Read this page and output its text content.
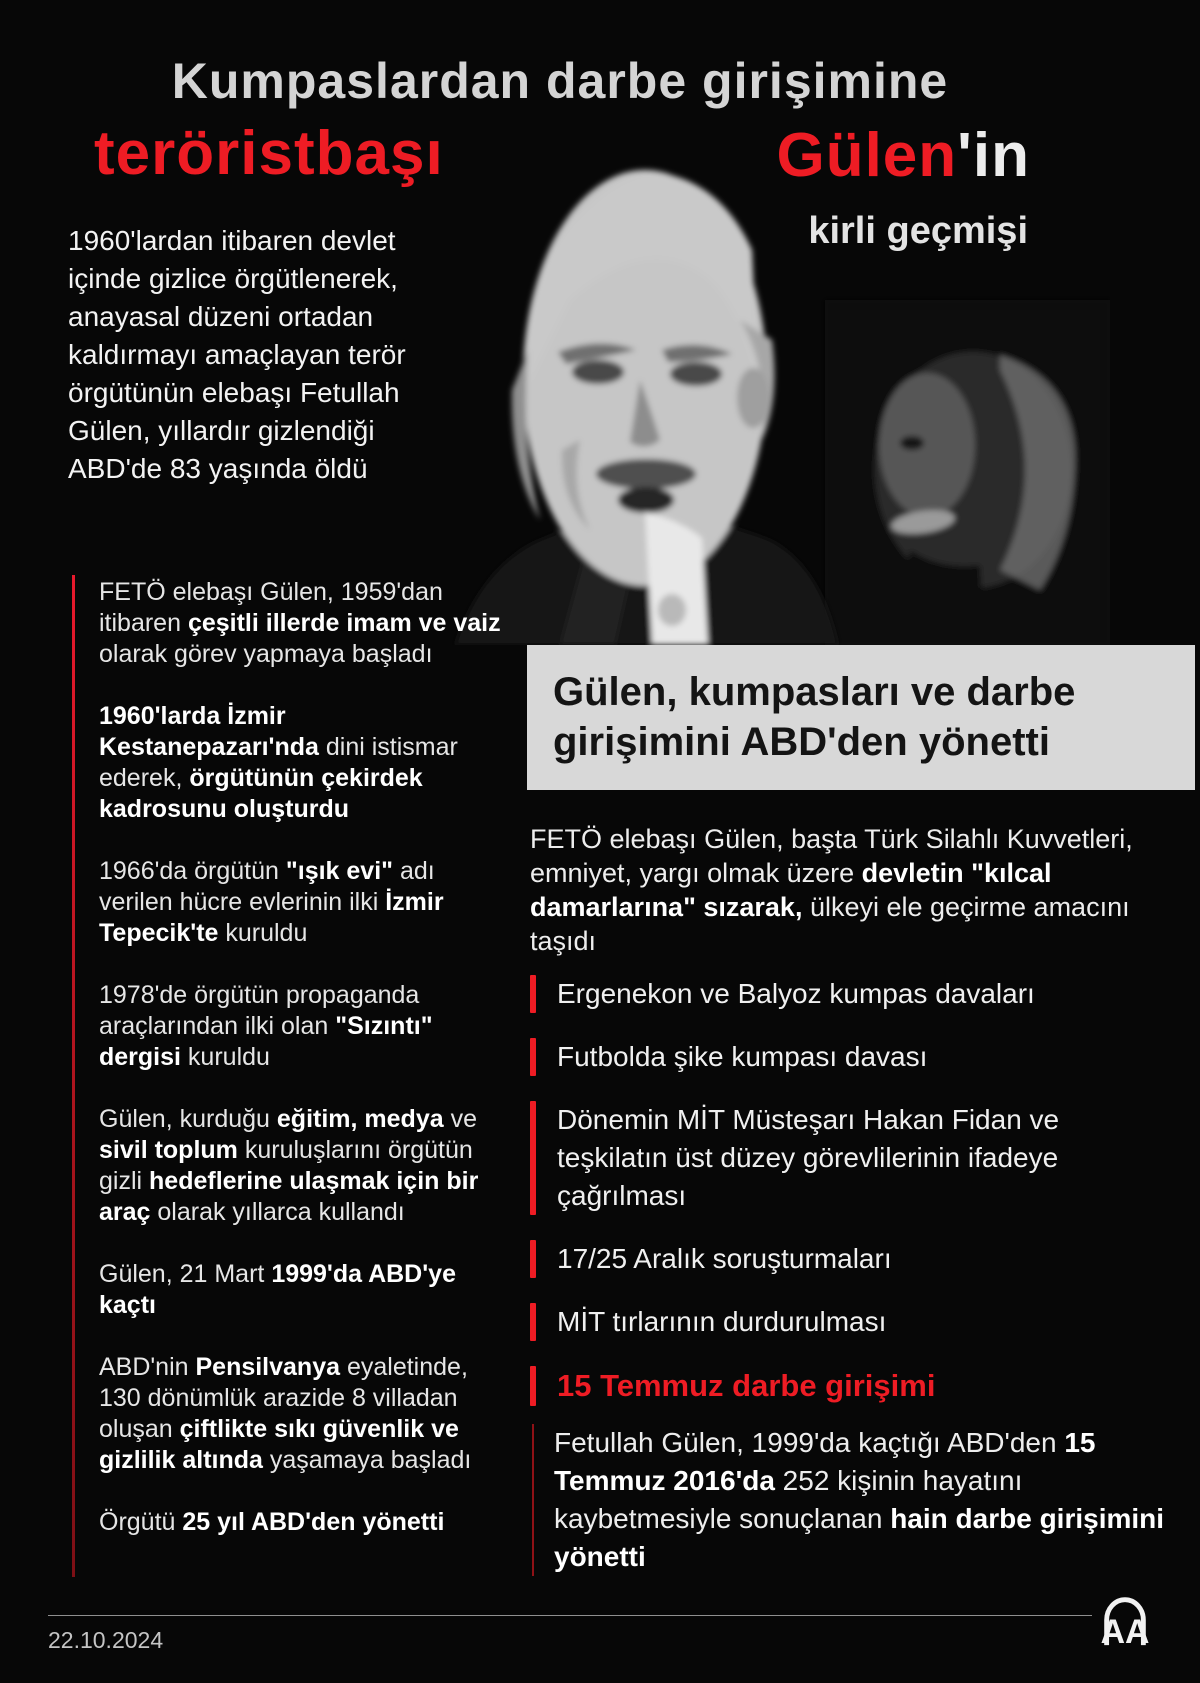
Kumpaslardan darbe girişimine
teröristbaşı	Gülen'in
kirli geçmişi
1960'lardan itibaren devlet içinde gizlice örgütlenerek, anayasal düzeni ortadan kaldırmayı amaçlayan terör örgütünün elebaşı Fetullah Gülen, yıllardır gizlendiği ABD'de 83 yaşında öldü
FETÖ elebaşı Gülen, 1959'dan itibaren çeşitli illerde imam ve vaiz olarak görev yapmaya başladı
1960'larda İzmir Kestanepazarı'nda dini istismar ederek, örgütünün çekirdek kadrosunu oluşturdu
1966'da örgütün "ışık evi" adı verilen hücre evlerinin ilki İzmir Tepecik'te kuruldu
1978'de örgütün propaganda araçlarından ilki olan "Sızıntı" dergisi kuruldu
Gülen, kurduğu eğitim, medya ve sivil toplum kuruluşlarını örgütün gizli hedeflerine ulaşmak için bir araç olarak yıllarca kullandı
Gülen, 21 Mart 1999'da ABD'ye kaçtı
ABD'nin Pensilvanya eyaletinde, 130 dönümlük arazide 8 villadan oluşan çiftlikte sıkı güvenlik ve gizlilik altında yaşamaya başladı
Örgütü 25 yıl ABD'den yönetti
Gülen, kumpasları ve darbe girişimini ABD'den yönetti
FETÖ elebaşı Gülen, başta Türk Silahlı Kuvvetleri, emniyet, yargı olmak üzere devletin "kılcal damarlarına" sızarak, ülkeyi ele geçirme amacını taşıdı
Ergenekon ve Balyoz kumpas davaları
Futbolda şike kumpası davası
Dönemin MİT Müsteşarı Hakan Fidan ve teşkilatın üst düzey görevlilerinin ifadeye çağrılması
17/25 Aralık soruşturmaları
MİT tırlarının durdurulması
15 Temmuz darbe girişimi
Fetullah Gülen, 1999'da kaçtığı ABD'den 15 Temmuz 2016'da 252 kişinin hayatını kaybetmesiyle sonuçlanan hain darbe girişimini yönetti
22.10.2024	AA
